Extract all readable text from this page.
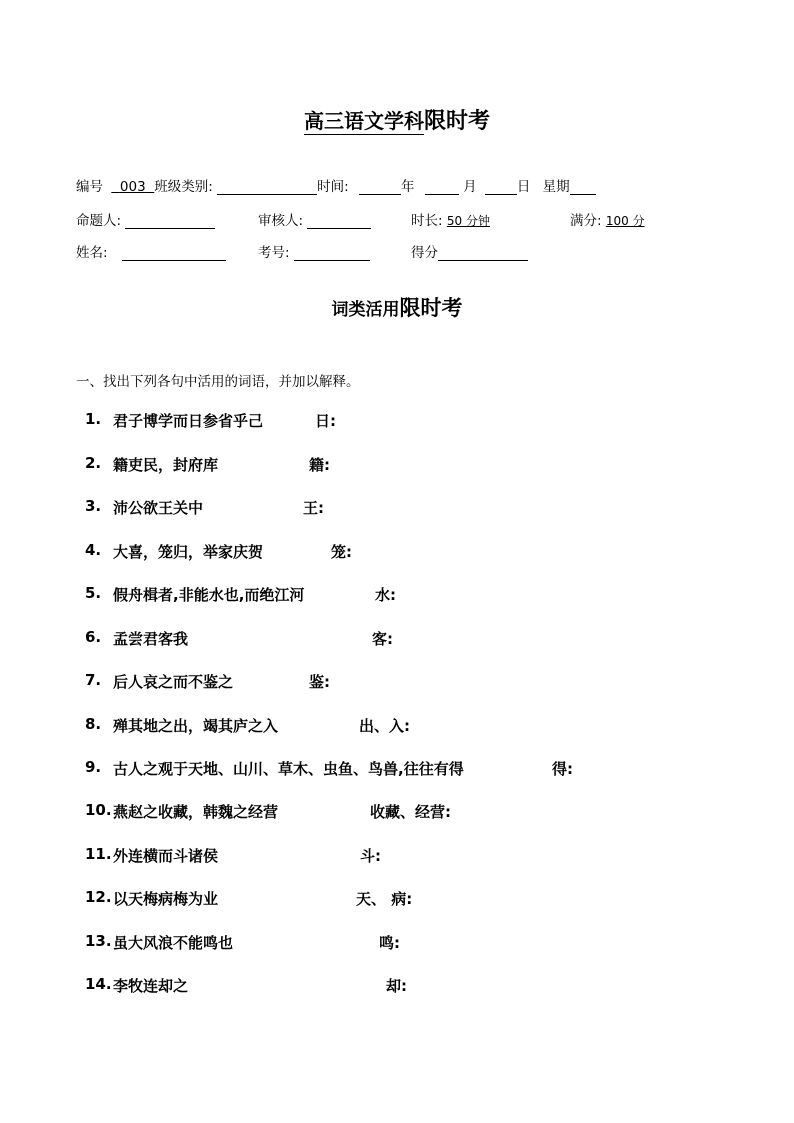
高三语文学科限时考
编号 003 班级类别:	时间:	年	月	日 星期
命题人:	审核人:	时长: 50 分钟	满分: 100 分
姓名:	考号:	得分
词类活用限时考
一、找出下列各句中活用的词语，并加以解释。
1. 君子博学而日参省乎己	日:
2. 籍吏民，封府库	籍:
3. 沛公欲王关中	王:
4. 大喜，笼归，举家庆贺	笼:
5. 假舟楫者,非能水也,而绝江河	水:
6. 孟尝君客我	客:
7. 后人哀之而不鉴之	鉴:
8. 殚其地之出，竭其庐之入	出、入:
9. 古人之观于天地、山川、草木、虫鱼、鸟兽,往往有得	得:
10. 燕赵之收藏，韩魏之经营	收藏、经营:
11. 外连横而斗诸侯	斗:
12. 以天梅病梅为业	天、 病:
13. 虽大风浪不能鸣也	鸣:
14. 李牧连却之	却:
